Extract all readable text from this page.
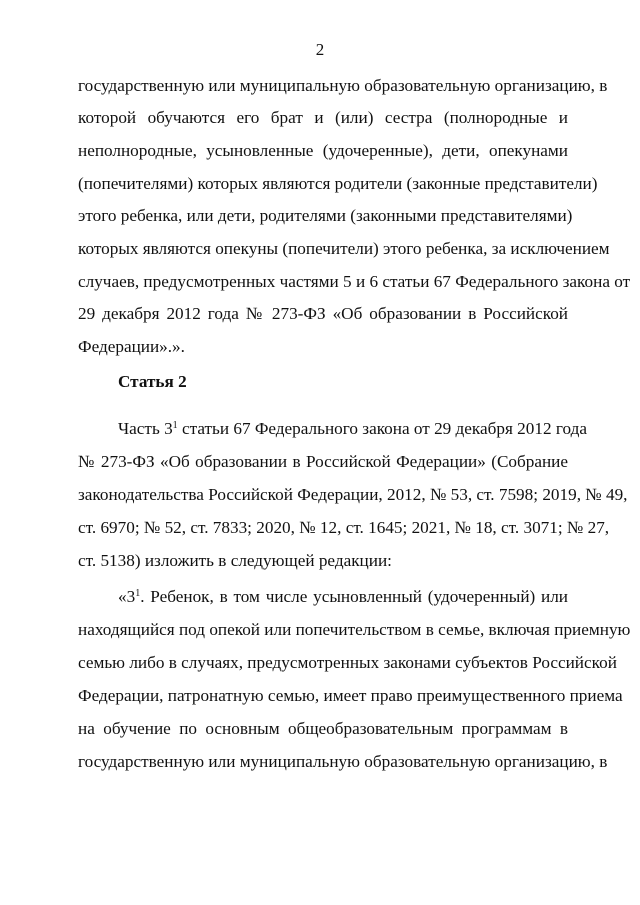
2
государственную или муниципальную образовательную организацию, в
которой обучаются его брат и (или) сестра (полнородные и
неполнородные, усыновленные (удочеренные), дети, опекунами
(попечителями) которых являются родители (законные представители)
этого ребенка, или дети, родителями (законными представителями)
которых являются опекуны (попечители) этого ребенка, за исключением
случаев, предусмотренных частями 5 и 6 статьи 67 Федерального закона от
29 декабря 2012 года № 273-ФЗ «Об образовании в Российской
Федерации».».
Статья 2
Часть $3^1$ статьи 67 Федерального закона от 29 декабря 2012 года
№ 273-ФЗ «Об образовании в Российской Федерации» (Собрание
законодательства Российской Федерации, 2012, № 53, ст. 7598; 2019, № 49,
ст. 6970; № 52, ст. 7833; 2020, № 12, ст. 1645; 2021, № 18, ст. 3071; № 27,
ст. 5138) изложить в следующей редакции:
«$3^1$. Ребенок, в том числе усыновленный (удочеренный) или
находящийся под опекой или попечительством в семье, включая приемную
семью либо в случаях, предусмотренных законами субъектов Российской
Федерации, патронатную семью, имеет право преимущественного приема
на обучение по основным общеобразовательным программам в
государственную или муниципальную образовательную организацию, в
